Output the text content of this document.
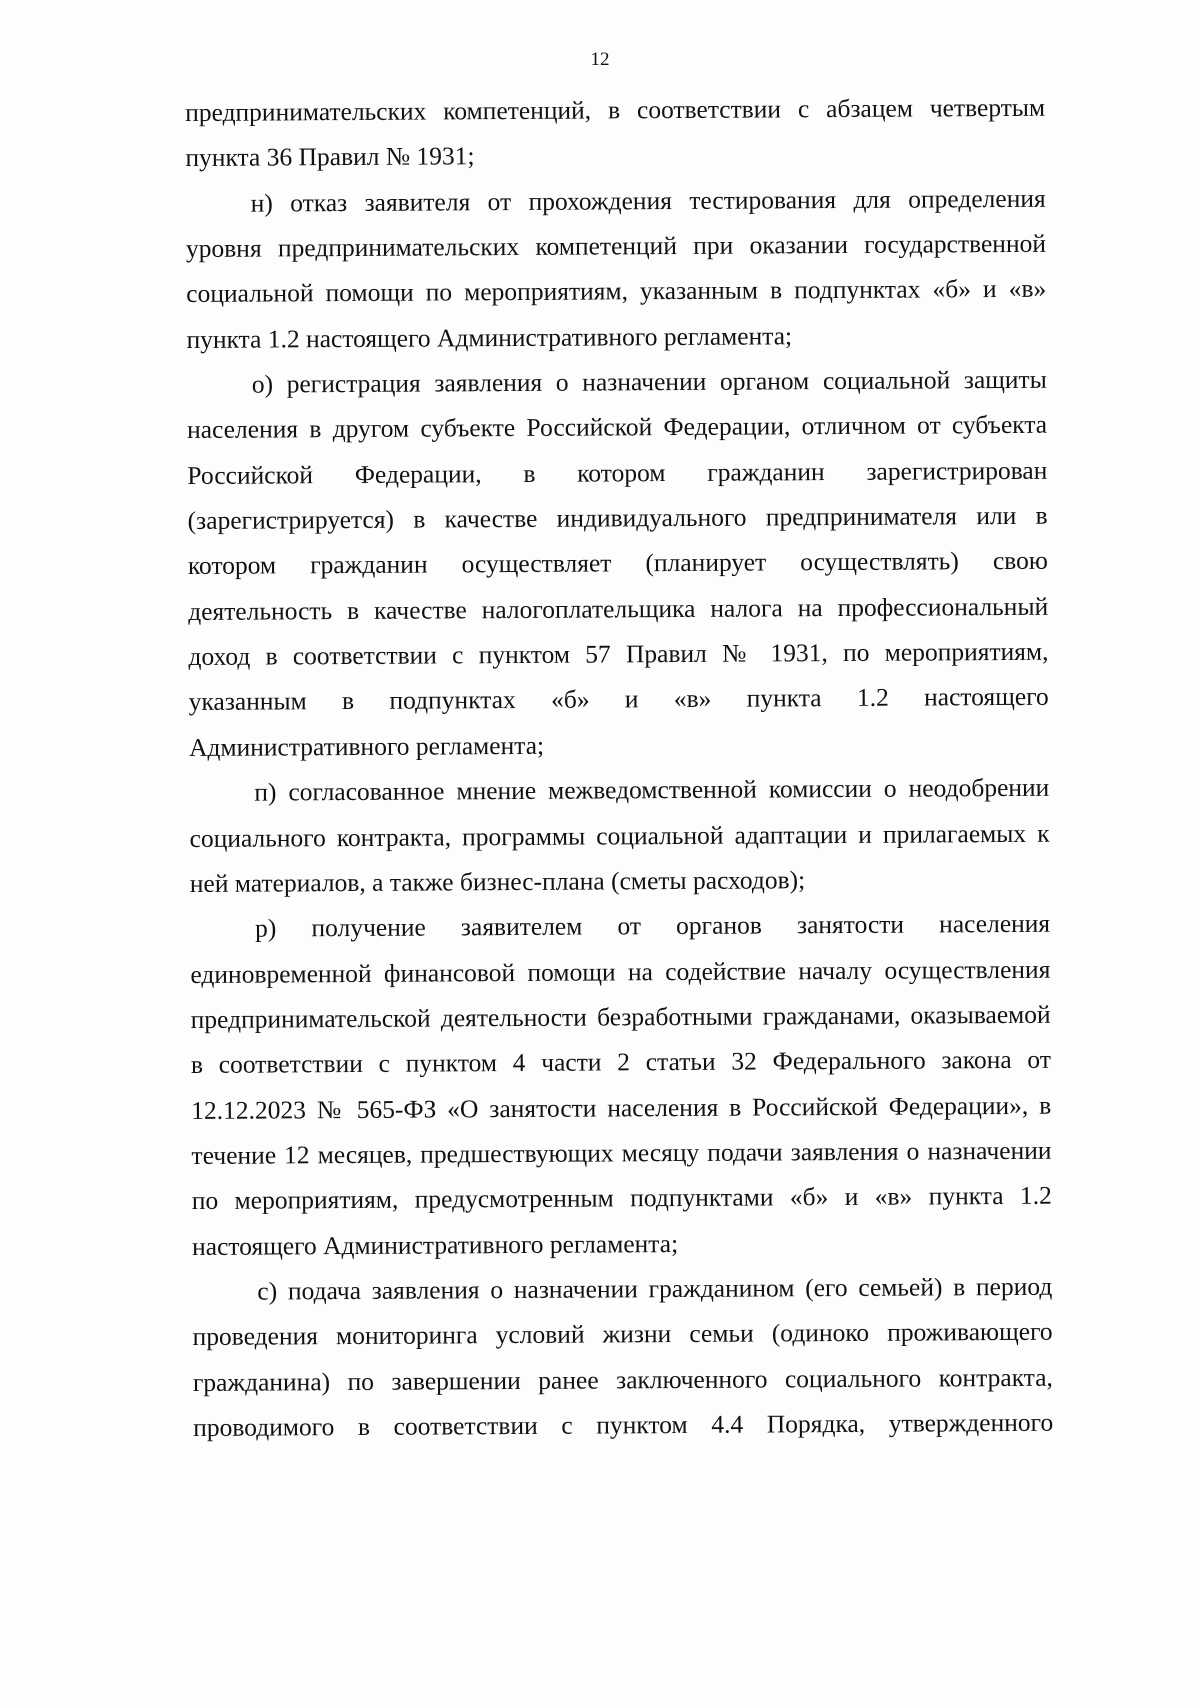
12
предпринимательских компетенций, в соответствии с абзацем четвертым
пункта 36 Правил № 1931;
н) отказ заявителя от прохождения тестирования для определения
уровня предпринимательских компетенций при оказании государственной
социальной помощи по мероприятиям, указанным в подпунктах «б» и «в»
пункта 1.2 настоящего Административного регламента;
о) регистрация заявления о назначении органом социальной защиты
населения в другом субъекте Российской Федерации, отличном от субъекта
Российской Федерации, в котором гражданин зарегистрирован
(зарегистрируется) в качестве индивидуального предпринимателя или в
котором гражданин осуществляет (планирует осуществлять) свою
деятельность в качестве налогоплательщика налога на профессиональный
доход в соответствии с пунктом 57 Правил № 1931, по мероприятиям,
указанным в подпунктах «б» и «в» пункта 1.2 настоящего
Административного регламента;
п) согласованное мнение межведомственной комиссии о неодобрении
социального контракта, программы социальной адаптации и прилагаемых к
ней материалов, а также бизнес-плана (сметы расходов);
р) получение заявителем от органов занятости населения
единовременной финансовой помощи на содействие началу осуществления
предпринимательской деятельности безработными гражданами, оказываемой
в соответствии с пунктом 4 части 2 статьи 32 Федерального закона от
12.12.2023 № 565-ФЗ «О занятости населения в Российской Федерации», в
течение 12 месяцев, предшествующих месяцу подачи заявления о назначении
по мероприятиям, предусмотренным подпунктами «б» и «в» пункта 1.2
настоящего Административного регламента;
с) подача заявления о назначении гражданином (его семьей) в период
проведения мониторинга условий жизни семьи (одиноко проживающего
гражданина) по завершении ранее заключенного социального контракта,
проводимого в соответствии с пунктом 4.4 Порядка, утвержденного
